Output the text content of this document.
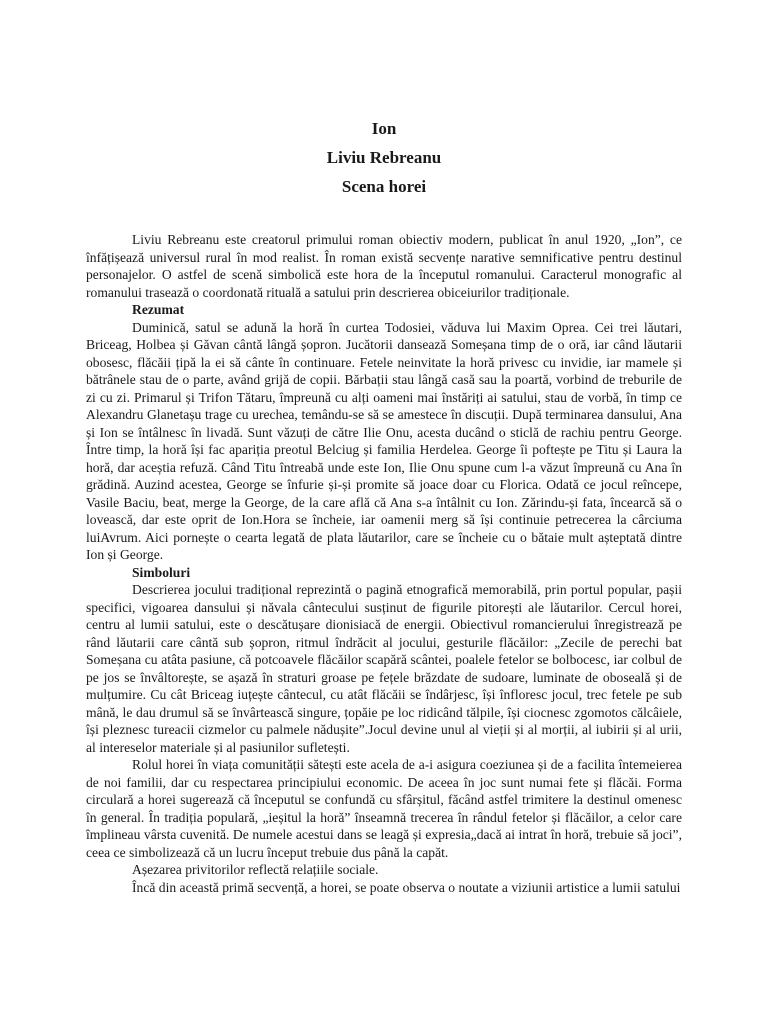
Ion
Liviu Rebreanu
Scena horei

Liviu Rebreanu este creatorul primului roman obiectiv modern, publicat în anul 1920, „Ion”, ce înfățișează universul rural în mod realist. În roman există secvențe narative semnificative pentru destinul personajelor. O astfel de scenă simbolică este hora de la începutul romanului. Caracterul monografic al romanului trasează o coordonată rituală a satului prin descrierea obiceiurilor tradiționale.

Rezumat

Duminică, satul se adună la horă în curtea Todosiei, văduva lui Maxim Oprea. Cei trei lăutari, Briceag, Holbea și Găvan cântă lângă șopron. Jucătorii dansează Someșana timp de o oră, iar când lăutarii obosesc, flăcăii țipă la ei să cânte în continuare. Fetele neinvitate la horă privesc cu invidie, iar mamele și bătrânele stau de o parte, având grijă de copii. Bărbații stau lângă casă sau la poartă, vorbind de treburile de zi cu zi. Primarul și Trifon Tătaru, împreună cu alți oameni mai înstăriți ai satului, stau de vorbă, în timp ce Alexandru Glanetașu trage cu urechea, temându-se să se amestece în discuții. După terminarea dansului, Ana și Ion se întâlnesc în livadă. Sunt văzuți de către Ilie Onu, acesta ducând o sticlă de rachiu pentru George. Între timp, la horă își fac apariția preotul Belciug și familia Herdelea. George îi poftește pe Titu și Laura la horă, dar aceștia refuză. Când Titu întreabă unde este Ion, Ilie Onu spune cum l-a văzut împreună cu Ana în grădină. Auzind acestea, George se înfurie și-și promite să joace doar cu Florica. Odată ce jocul reîncepe, Vasile Baciu, beat, merge la George, de la care află că Ana s-a întâlnit cu Ion. Zărindu-și fata, încearcă să o lovească, dar este oprit de Ion.Hora se încheie, iar oamenii merg să își continuie petrecerea la cârciuma luiAvrum. Aici pornește o cearta legată de plata lăutarilor, care se încheie cu o bătaie mult așteptată dintre Ion și George.

Simboluri

Descrierea jocului tradițional reprezintă o pagină etnografică memorabilă, prin portul popular, pașii specifici, vigoarea dansului și năvala cântecului susținut de figurile pitorești ale lăutarilor. Cercul horei, centru al lumii satului, este o descătușare dionisiacă de energii. Obiectivul romancierului înregistrează pe rând lăutarii care cântă sub șopron, ritmul îndrăcit al jocului, gesturile flăcăilor: „Zecile de perechi bat Someșana cu atâta pasiune, că potcoavele flăcăilor scapără scântei, poalele fetelor se bolbocesc, iar colbul de pe jos se învâltorește, se așază în straturi groase pe fețele brăzdate de sudoare, luminate de oboseală și de mulțumire. Cu cât Briceag iuțește cântecul, cu atât flăcăii se îndârjesc, își înfloresc jocul, trec fetele pe sub mână, le dau drumul să se învârtească singure, țopăie pe loc ridicând tălpile, își ciocnesc zgomotos călcâiele, își pleznesc tureacii cizmelor cu palmele nădușite”.Jocul devine unul al vieții și al morții, al iubirii și al urii, al intereselor materiale și al pasiunilor sufletești.

Rolul horei în viața comunității sătești este acela de a-i asigura coeziunea și de a facilita întemeierea de noi familii, dar cu respectarea principiului economic. De aceea în joc sunt numai fete și flăcăi. Forma circulară a horei sugerează că începutul se confundă cu sfârșitul, făcând astfel trimitere la destinul omenesc în general. În tradiția populară, „ieșitul la horă” înseamnă trecerea în rândul fetelor și flăcăilor, a celor care împlineau vârsta cuvenită. De numele acestui dans se leagă și expresia„dacă ai intrat în horă, trebuie să joci”, ceea ce simbolizează că un lucru început trebuie dus până la capăt.

Așezarea privitorilor reflectă relațiile sociale.

Încă din această primă secvență, a horei, se poate observa o noutate a viziunii artistice a lumii satului
